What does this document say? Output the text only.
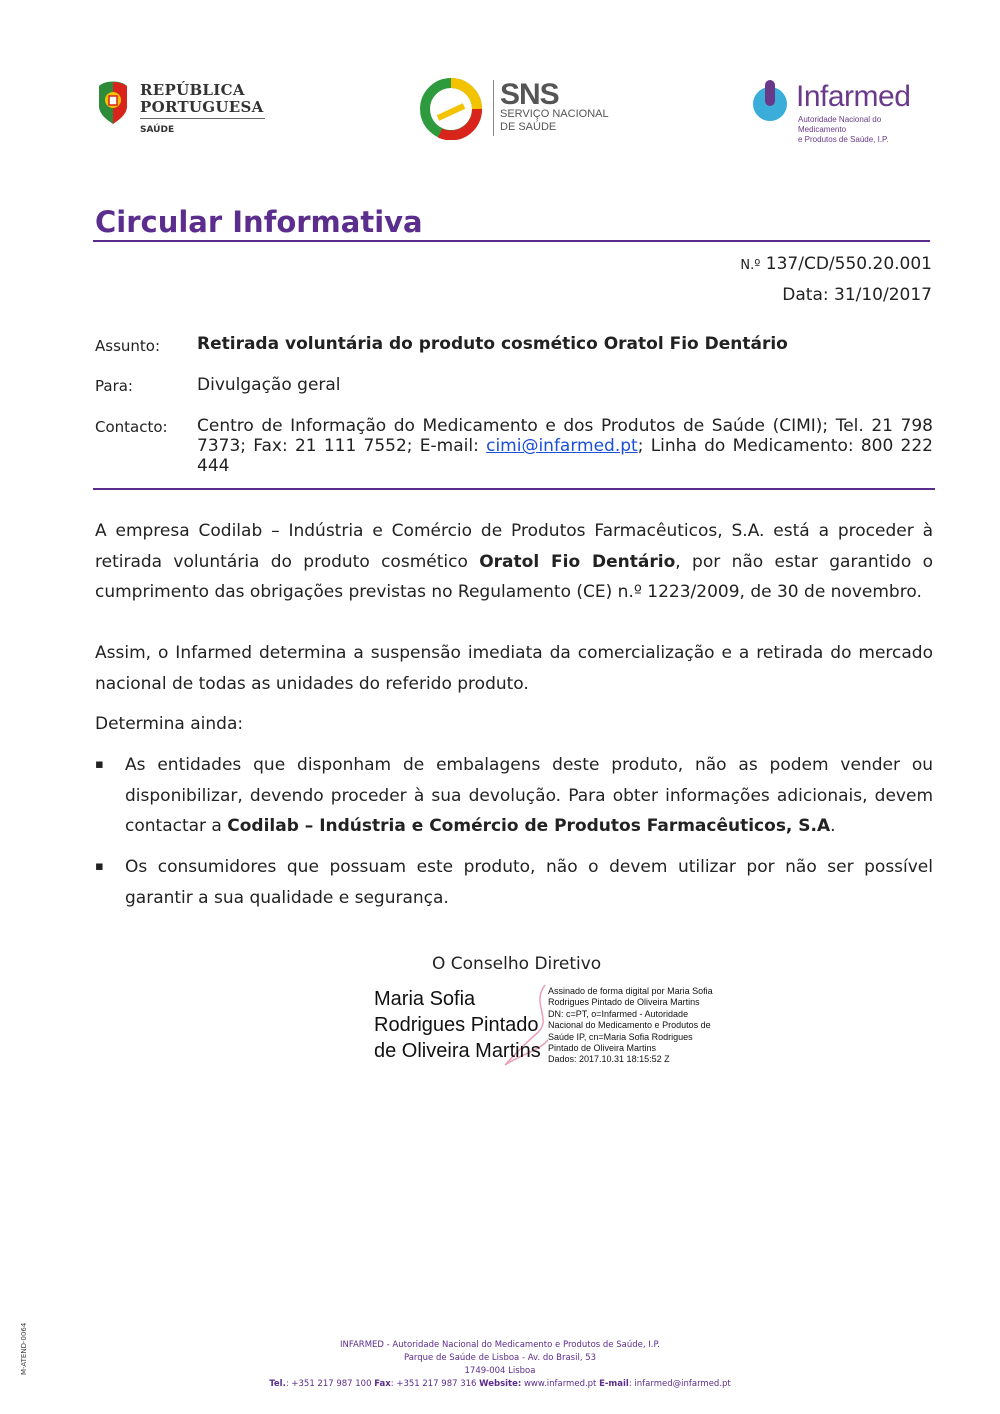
REPÚBLICA
PORTUGUESA
SAÚDE
SNS
SERVIÇO NACIONAL
DE SAÚDE
Infarmed
Autoridade Nacional do Medicamento
e Produtos de Saúde, I.P.
Circular Informativa
N.º 137/CD/550.20.001
Data: 31/10/2017
Assunto: Retirada voluntária do produto cosmético Oratol Fio Dentário
Para:	Divulgação geral
Contacto: Centro de Informação do Medicamento e dos Produtos de Saúde (CIMI); Tel. 21 798 7373; Fax: 21 111 7552; E-mail: cimi@infarmed.pt; Linha do Medicamento: 800 222 444
A empresa Codilab – Indústria e Comércio de Produtos Farmacêuticos, S.A. está a proceder à retirada voluntária do produto cosmético Oratol Fio Dentário, por não estar garantido o cumprimento das obrigações previstas no Regulamento (CE) n.º 1223/2009, de 30 de novembro.
Assim, o Infarmed determina a suspensão imediata da comercialização e a retirada do mercado nacional de todas as unidades do referido produto.
Determina ainda:
▪ As entidades que disponham de embalagens deste produto, não as podem vender ou disponibilizar, devendo proceder à sua devolução. Para obter informações adicionais, devem contactar a Codilab – Indústria e Comércio de Produtos Farmacêuticos, S.A.
▪ Os consumidores que possuam este produto, não o devem utilizar por não ser possível garantir a sua qualidade e segurança.
O Conselho Diretivo
Maria Sofia
Rodrigues Pintado
de Oliveira Martins
Assinado de forma digital por Maria Sofia
Rodrigues Pintado de Oliveira Martins
DN: c=PT, o=Infarmed - Autoridade
Nacional do Medicamento e Produtos de
Saúde IP, cn=Maria Sofia Rodrigues
Pintado de Oliveira Martins
Dados: 2017.10.31 18:15:52 Z
M-ATEND-0064	INFARMED - Autoridade Nacional do Medicamento e Produtos de Saúde, I.P.
Parque de Saúde de Lisboa - Av. do Brasil, 53
1749-004 Lisboa
Tel.: +351 217 987 100 Fax: +351 217 987 316 Website: www.infarmed.pt E-mail: infarmed@infarmed.pt
